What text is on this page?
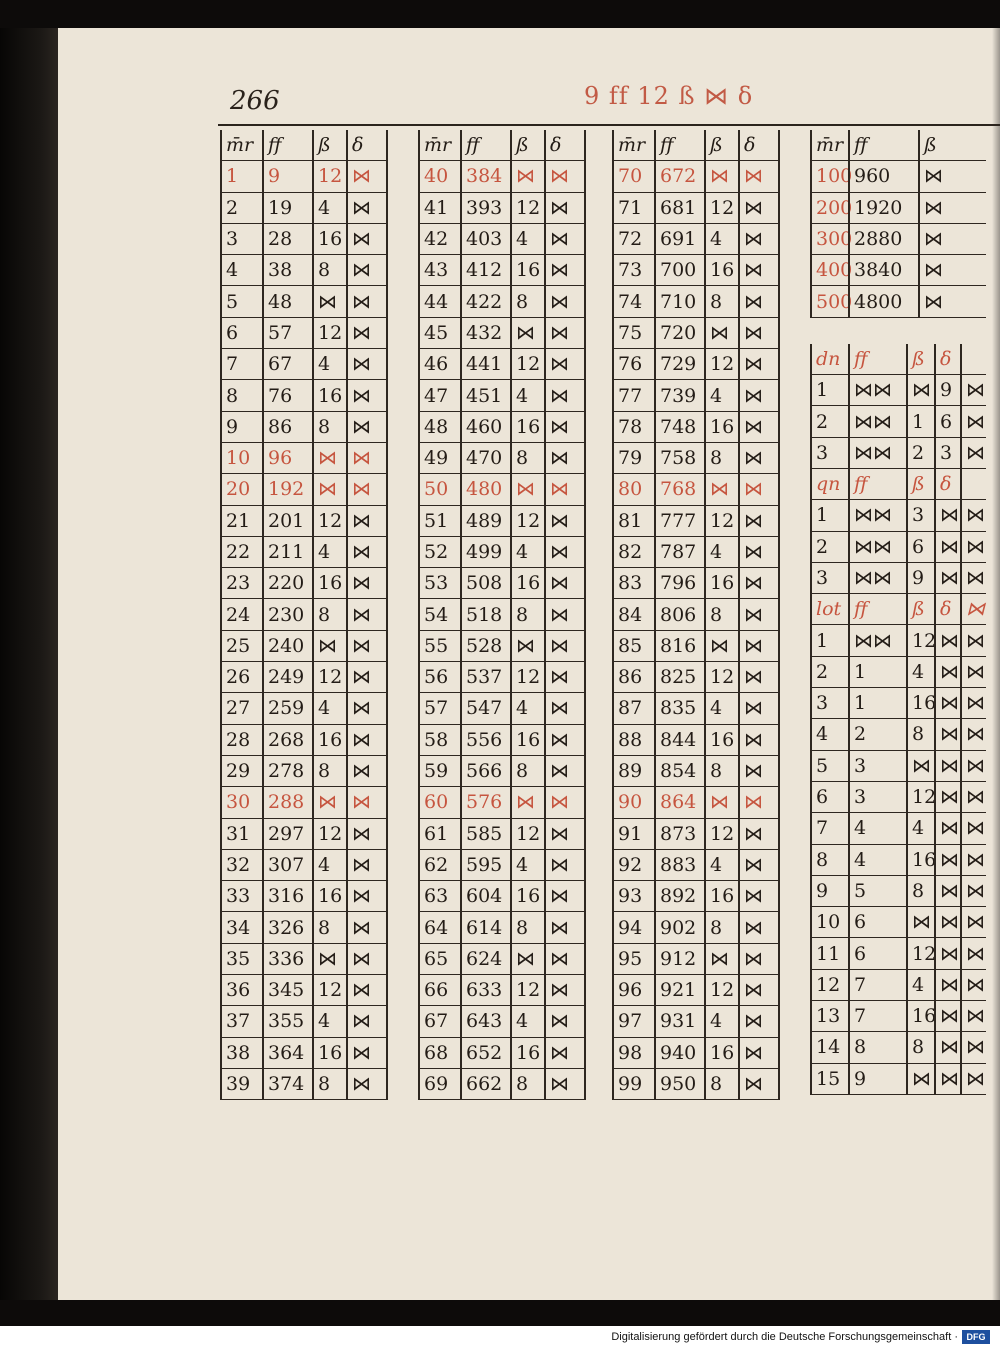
266	9 ff 12 ß ⋈ δ
m̄r ff	ß	δ
1	9	12 ⋈
2	19	4	⋈
3	28	16 ⋈
4	38	8	⋈
5	48	⋈ ⋈
6	57	12 ⋈
7	67	4	⋈
8	76	16 ⋈
9	86	8	⋈
10 96	⋈ ⋈
20 192 ⋈ ⋈
21 201 12 ⋈
22 211 4	⋈
23 220 16 ⋈
24 230 8	⋈
25 240 ⋈ ⋈
26 249 12 ⋈
27 259 4	⋈
28 268 16 ⋈
29 278 8	⋈
30 288 ⋈ ⋈
31 297 12 ⋈
32 307 4	⋈
33 316 16 ⋈
34 326 8	⋈
35 336 ⋈ ⋈
36 345 12 ⋈
37 355 4	⋈
38 364 16 ⋈
39 374 8	⋈
m̄r ff	ß	δ
40 384 ⋈ ⋈
41 393 12 ⋈
42 403 4	⋈
43 412 16 ⋈
44 422 8	⋈
45 432 ⋈ ⋈
46 441 12 ⋈
47 451 4	⋈
48 460 16 ⋈
49 470 8	⋈
50 480 ⋈ ⋈
51 489 12 ⋈
52 499 4	⋈
53 508 16 ⋈
54 518 8	⋈
55 528 ⋈ ⋈
56 537 12 ⋈
57 547 4	⋈
58 556 16 ⋈
59 566 8	⋈
60 576 ⋈ ⋈
61 585 12 ⋈
62 595 4	⋈
63 604 16 ⋈
64 614 8	⋈
65 624 ⋈ ⋈
66 633 12 ⋈
67 643 4	⋈
68 652 16 ⋈
69 662 8	⋈
m̄r ff	ß	δ
70 672 ⋈ ⋈
71 681 12 ⋈
72 691 4	⋈
73 700 16 ⋈
74 710 8	⋈
75 720 ⋈ ⋈
76 729 12 ⋈
77 739 4	⋈
78 748 16 ⋈
79 758 8	⋈
80 768 ⋈ ⋈
81 777 12 ⋈
82 787 4	⋈
83 796 16 ⋈
84 806 8	⋈
85 816 ⋈ ⋈
86 825 12 ⋈
87 835 4	⋈
88 844 16 ⋈
89 854 8	⋈
90 864 ⋈ ⋈
91 873 12 ⋈
92 883 4	⋈
93 892 16 ⋈
94 902 8	⋈
95 912 ⋈ ⋈
96 921 12 ⋈
97 931 4	⋈
98 940 16 ⋈
99 950 8	⋈
m̄r ff	ß
100 960	⋈
200 1920	⋈
300 2880	⋈
400 3840	⋈
500 4800	⋈
dn ff	ß δ
1	⋈⋈	⋈ 9 ⋈
2	⋈⋈	1 6 ⋈
3	⋈⋈	2 3 ⋈
qn ff	ß δ
1	⋈⋈	3 ⋈ ⋈
2	⋈⋈	6 ⋈ ⋈
3	⋈⋈	9 ⋈ ⋈
lot ff	ß δ ⋈
1	⋈⋈	12 ⋈ ⋈
2	1	4 ⋈ ⋈
3	1	16 ⋈ ⋈
4	2	8 ⋈ ⋈
5	3	⋈ ⋈ ⋈
6	3	12 ⋈ ⋈
7	4	4 ⋈ ⋈
8	4	16 ⋈ ⋈
9	5	8 ⋈ ⋈
10 6	⋈ ⋈ ⋈
11 6	12 ⋈ ⋈
12 7	4 ⋈ ⋈
13 7	16 ⋈ ⋈
14 8	8 ⋈ ⋈
15 9	⋈ ⋈ ⋈
Digitalisierung gefördert durch die Deutsche Forschungsgemeinschaft · DFG
